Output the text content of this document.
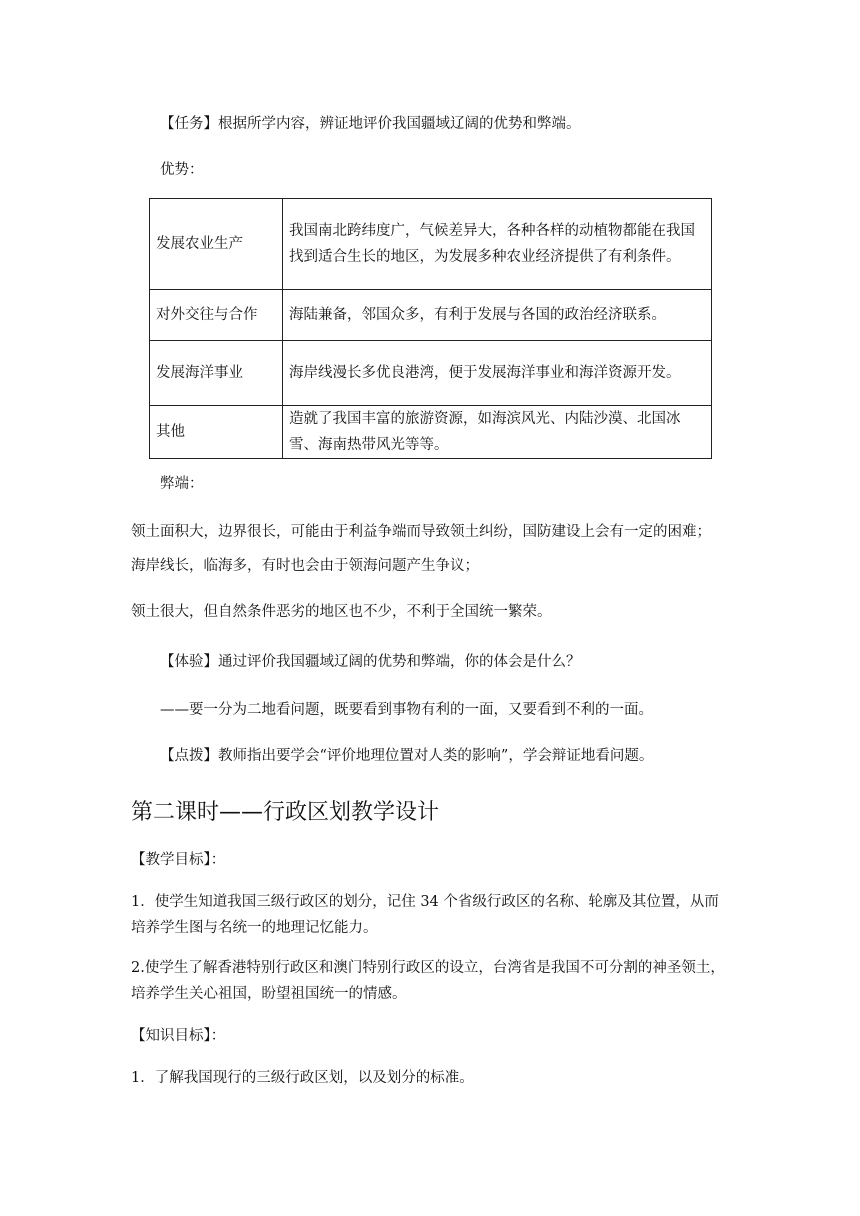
【任务】根据所学内容，辨证地评价我国疆域辽阔的优势和弊端。
优势：
发展农业生产	我国南北跨纬度广，气候差异大，各种各样的动植物都能在我国找到适合生长的地区，为发展多种农业经济提供了有利条件。
对外交往与合作	海陆兼备，邻国众多，有利于发展与各国的政治经济联系。
发展海洋事业	海岸线漫长多优良港湾，便于发展海洋事业和海洋资源开发。
其他	造就了我国丰富的旅游资源，如海滨风光、内陆沙漠、北国冰雪、海南热带风光等等。
弊端：
领土面积大，边界很长，可能由于利益争端而导致领土纠纷，国防建设上会有一定的困难；
海岸线长，临海多，有时也会由于领海问题产生争议；
领土很大，但自然条件恶劣的地区也不少，不利于全国统一繁荣。
【体验】通过评价我国疆域辽阔的优势和弊端，你的体会是什么？
——要一分为二地看问题，既要看到事物有利的一面，又要看到不利的一面。
【点拨】教师指出要学会“评价地理位置对人类的影响”，学会辩证地看问题。
第二课时——行政区划教学设计
【教学目标】：
1．使学生知道我国三级行政区的划分，记住 34 个省级行政区的名称、轮廓及其位置，从而
培养学生图与名统一的地理记忆能力。
2.使学生了解香港特别行政区和澳门特别行政区的设立，台湾省是我国不可分割的神圣领土，
培养学生关心祖国，盼望祖国统一的情感。
【知识目标】：
1．了解我国现行的三级行政区划，以及划分的标准。
